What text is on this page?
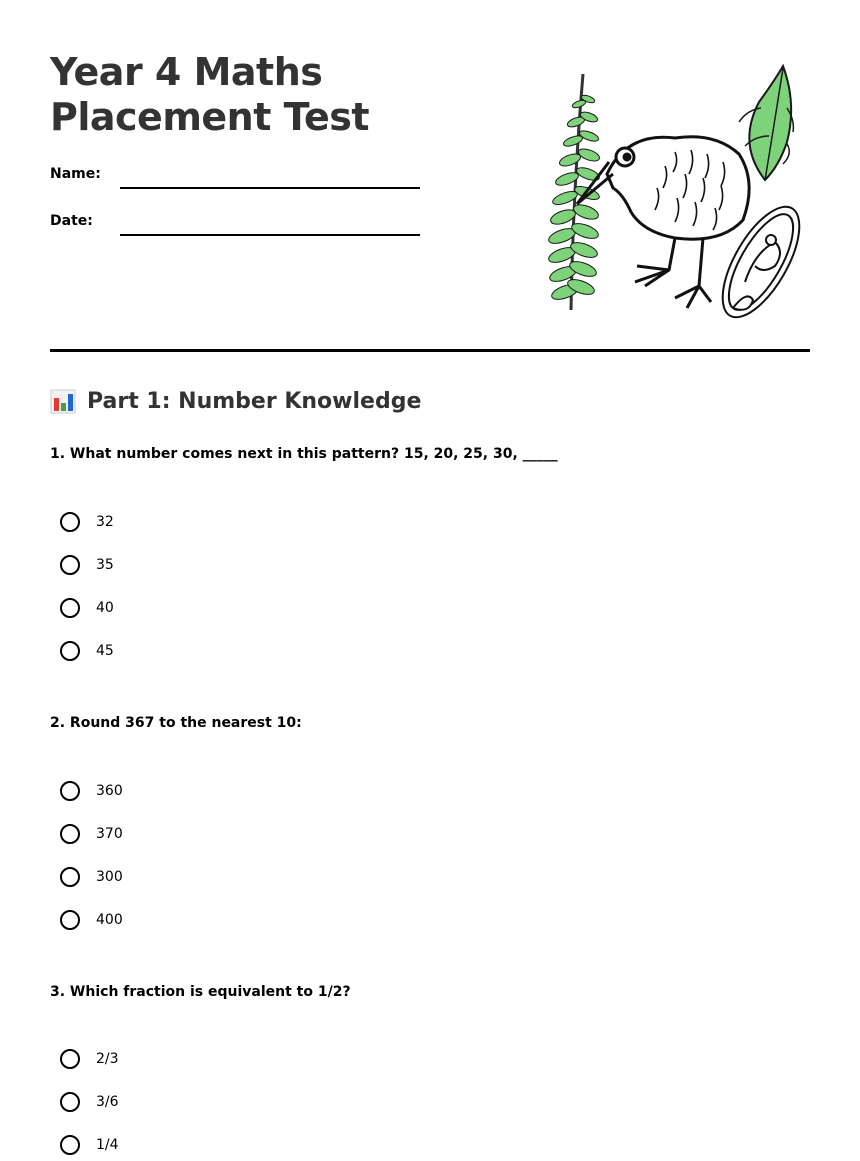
Year 4 Maths Placement Test
Name:
Date:
Part 1: Number Knowledge

1. What number comes next in this pattern? 15, 20, 25, 30, _____

32
35
40
45

2. Round 367 to the nearest 10:

360
370
300
400

3. Which fraction is equivalent to 1/2?

2/3
3/6
1/4
